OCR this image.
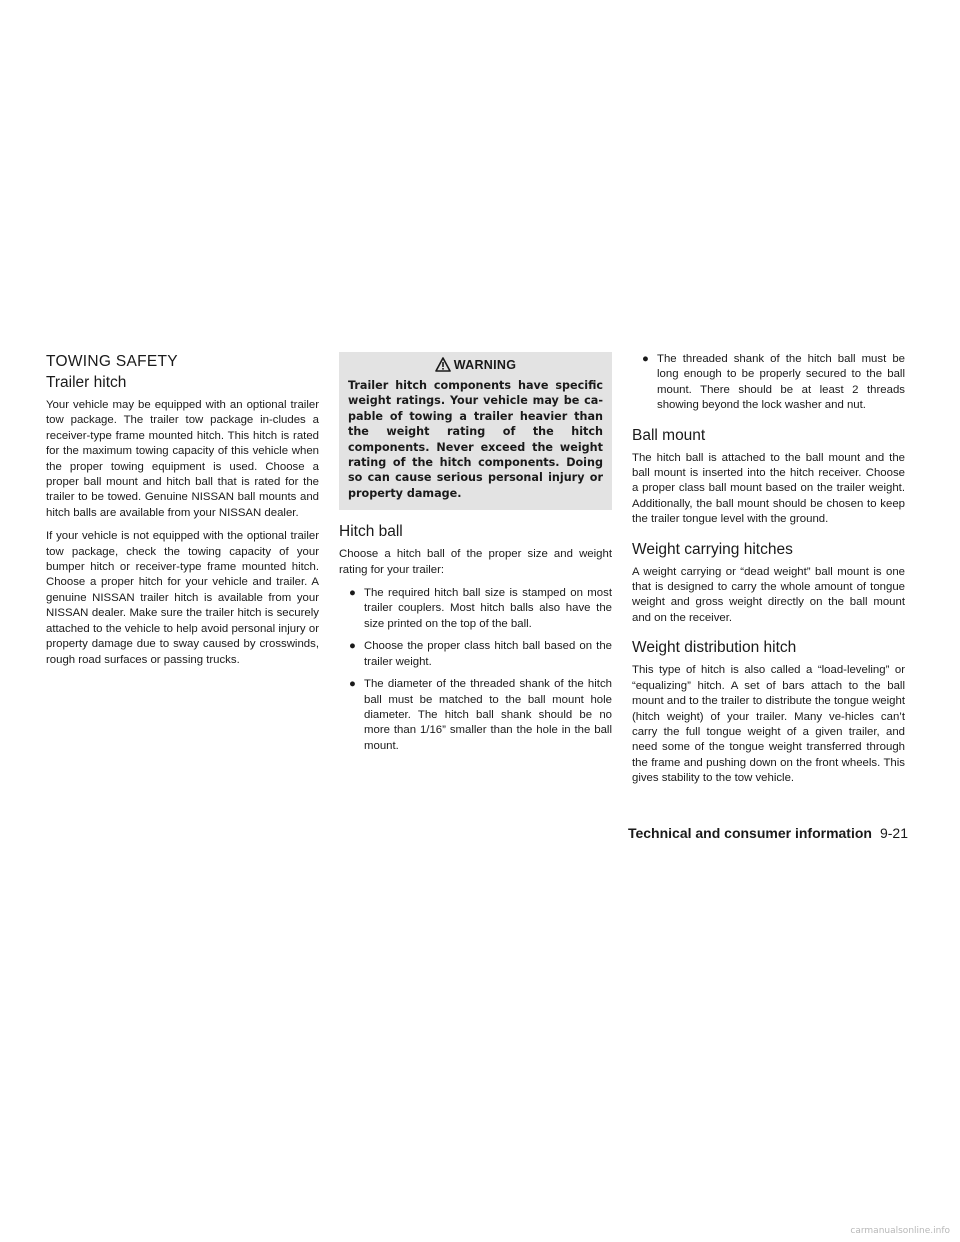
TOWING SAFETY
Trailer hitch

Your vehicle may be equipped with an optional trailer tow package. The trailer tow package in-cludes a receiver-type frame mounted hitch. This hitch is rated for the maximum towing capacity of this vehicle when the proper towing equipment is used. Choose a proper ball mount and hitch ball that is rated for the trailer to be towed. Genuine NISSAN ball mounts and hitch balls are available from your NISSAN dealer.

If your vehicle is not equipped with the optional trailer tow package, check the towing capacity of your bumper hitch or receiver-type frame mounted hitch. Choose a proper hitch for your vehicle and trailer. A genuine NISSAN trailer hitch is available from your NISSAN dealer. Make sure the trailer hitch is securely attached to the vehicle to help avoid personal injury or property damage due to sway caused by crosswinds, rough road surfaces or passing trucks.

WARNING
Trailer hitch components have specific weight ratings. Your vehicle may be ca-pable of towing a trailer heavier than the weight rating of the hitch components. Never exceed the weight rating of the hitch components. Doing so can cause serious personal injury or property damage.
Hitch ball

Choose a hitch ball of the proper size and weight rating for your trailer:

● The required hitch ball size is stamped on most trailer couplers. Most hitch balls also have the size printed on the top of the ball.
● Choose the proper class hitch ball based on the trailer weight.
● The diameter of the threaded shank of the hitch ball must be matched to the ball mount hole diameter. The hitch ball shank should be no more than 1/16” smaller than the hole in the ball mount.
● The threaded shank of the hitch ball must be long enough to be properly secured to the ball mount. There should be at least 2 threads showing beyond the lock washer and nut.
Ball mount

The hitch ball is attached to the ball mount and the ball mount is inserted into the hitch receiver. Choose a proper class ball mount based on the trailer weight. Additionally, the ball mount should be chosen to keep the trailer tongue level with the ground.

Weight carrying hitches

A weight carrying or “dead weight” ball mount is one that is designed to carry the whole amount of tongue weight and gross weight directly on the ball mount and on the receiver.

Weight distribution hitch

This type of hitch is also called a “load-leveling” or “equalizing” hitch. A set of bars attach to the ball mount and to the trailer to distribute the tongue weight (hitch weight) of your trailer. Many ve-hicles can’t carry the full tongue weight of a given trailer, and need some of the tongue weight transferred through the frame and pushing down on the front wheels. This gives stability to the tow vehicle.

Technical and consumer information 9-21
carmanualsonline.info
